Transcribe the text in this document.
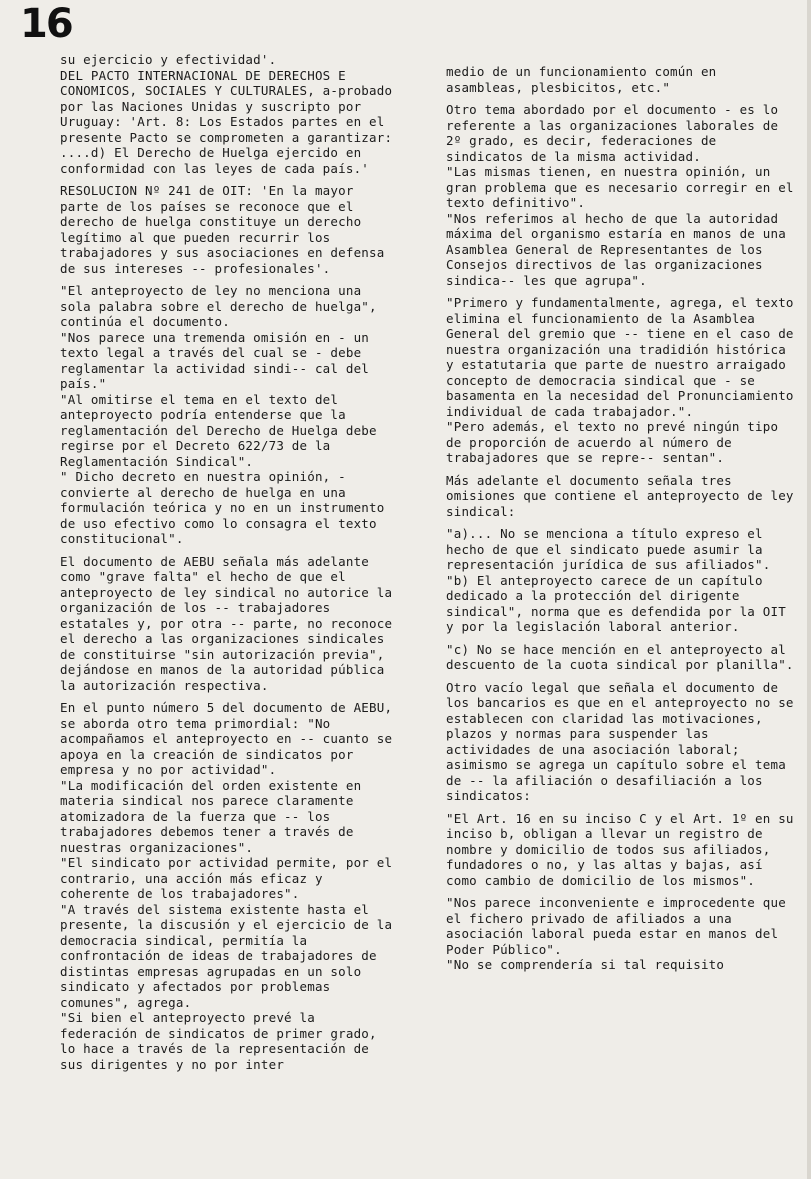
16

su ejercicio y efectividad'.
DEL PACTO INTERNACIONAL DE DERECHOS E CONOMICOS, SOCIALES Y CULTURALES, a-probado por las Naciones Unidas y suscripto por Uruguay: 'Art. 8: Los Estados partes en el presente Pacto se comprometen a garantizar: ....d) El Derecho de Huelga ejercido en conformidad con las leyes de cada país.'

RESOLUCION Nº 241 de OIT: 'En la mayor parte de los países se reconoce que el derecho de huelga constituye un derecho legítimo al que pueden recurrir los trabajadores y sus asociaciones en defensa de sus intereses -- profesionales'.

"El anteproyecto de ley no menciona una sola palabra sobre el derecho de huelga", continúa el documento.
"Nos parece una tremenda omisión en - un texto legal a través del cual se - debe reglamentar la actividad sindi-- cal del país."
"Al omitirse el tema en el texto del anteproyecto podría entenderse que la reglamentación del Derecho de Huelga debe regirse por el Decreto 622/73 de la Reglamentación Sindical".
" Dicho decreto en nuestra opinión, - convierte al derecho de huelga en una formulación teórica y no en un instrumento de uso efectivo como lo consagra el texto constitucional".

El documento de AEBU señala más adelante como "grave falta" el hecho de que el anteproyecto de ley sindical no autorice la organización de los -- trabajadores estatales y, por otra -- parte, no reconoce el derecho a las organizaciones sindicales de constituirse "sin autorización previa", dejándose en manos de la autoridad pública la autorización respectiva.

En el punto número 5 del documento de AEBU, se aborda otro tema primordial: "No acompañamos el anteproyecto en -- cuanto se apoya en la creación de sindicatos por empresa y no por actividad".
"La modificación del orden existente en materia sindical nos parece claramente atomizadora de la fuerza que -- los trabajadores debemos tener a través de nuestras organizaciones".
"El sindicato por actividad permite, por el contrario, una acción más eficaz y coherente de los trabajadores".
"A través del sistema existente hasta el presente, la discusión y el ejercicio de la democracia sindical, permitía la confrontación de ideas de trabajadores de distintas empresas agrupadas en un solo sindicato y afectados por problemas comunes", agrega.
"Si bien el anteproyecto prevé la federación de sindicatos de primer grado, lo hace a través de la representación de sus dirigentes y no por inter

medio de un funcionamiento común en asambleas, plesbicitos, etc."

Otro tema abordado por el documento - es lo referente a las organizaciones laborales de 2º grado, es decir, federaciones de sindicatos de la misma actividad.
"Las mismas tienen, en nuestra opinión, un gran problema que es necesario corregir en el texto definitivo".
"Nos referimos al hecho de que la autoridad máxima del organismo estaría en manos de una Asamblea General de Representantes de los Consejos directivos de las organizaciones sindica-- les que agrupa".

"Primero y fundamentalmente, agrega, el texto elimina el funcionamiento de la Asamblea General del gremio que -- tiene en el caso de nuestra organización una tradidión histórica y estatutaria que parte de nuestro arraigado concepto de democracia sindical que - se basamenta en la necesidad del Pronunciamiento individual de cada trabajador.".
"Pero además, el texto no prevé ningún tipo de proporción de acuerdo al número de trabajadores que se repre-- sentan".

Más adelante el documento señala tres omisiones que contiene el anteproyecto de ley sindical:

"a)... No se menciona a título expreso el hecho de que el sindicato puede asumir la representación jurídica de sus afiliados".
"b) El anteproyecto carece de un capítulo dedicado a la protección del dirigente sindical", norma que es defendida por la OIT y por la legislación laboral anterior.

"c) No se hace mención en el anteproyecto al descuento de la cuota sindical por planilla".

Otro vacío legal que señala el documento de los bancarios es que en el anteproyecto no se establecen con claridad las motivaciones, plazos y normas para suspender las actividades de una asociación laboral; asimismo se agrega un capítulo sobre el tema de -- la afiliación o desafiliación a los sindicatos:

"El Art. 16 en su inciso C y el Art. 1º en su inciso b, obligan a llevar un registro de nombre y domicilio de todos sus afiliados, fundadores o no, y las altas y bajas, así como cambio de domicilio de los mismos".

"Nos parece inconveniente e improcedente que el fichero privado de afiliados a una asociación laboral pueda estar en manos del Poder Público".
"No se comprendería si tal requisito
